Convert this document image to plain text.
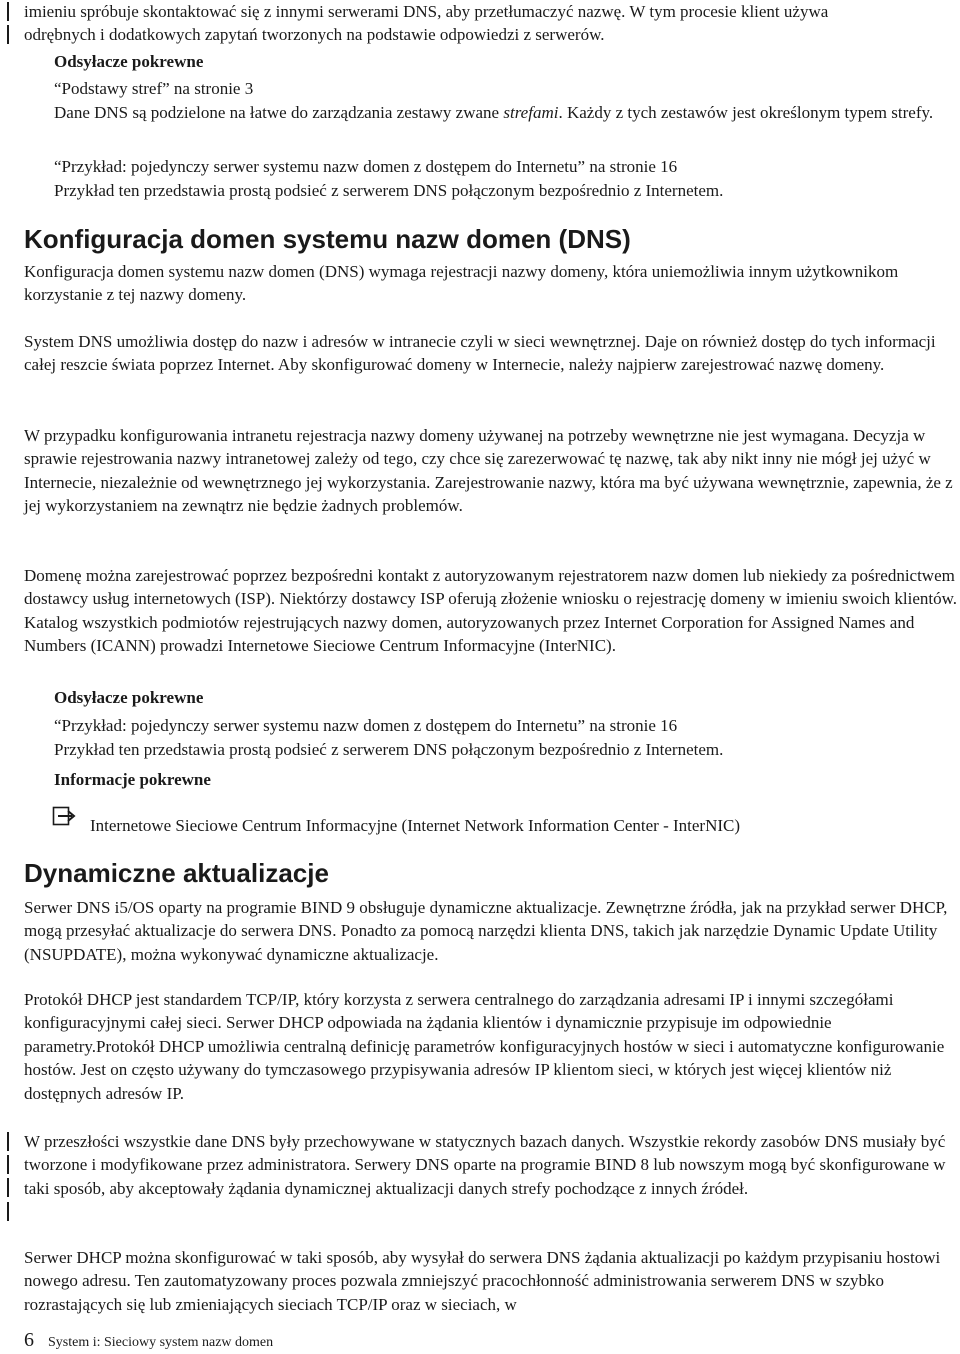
imieniu spróbuje skontaktować się z innymi serwerami DNS, aby przetłumaczyć nazwę. W tym procesie klient używa

odrębnych i dodatkowych zapytań tworzonych na podstawie odpowiedzi z serwerów.

Odsyłacze pokrewne

“Podstawy stref” na stronie 3

Dane DNS są podzielone na łatwe do zarządzania zestawy zwane strefami. Każdy z tych zestawów jest określonym typem strefy.

“Przykład: pojedynczy serwer systemu nazw domen z dostępem do Internetu” na stronie 16

Przykład ten przedstawia prostą podsieć z serwerem DNS połączonym bezpośrednio z Internetem.

Konfiguracja domen systemu nazw domen (DNS)

Konfiguracja domen systemu nazw domen (DNS) wymaga rejestracji nazwy domeny, która uniemożliwia innym użytkownikom korzystanie z tej nazwy domeny.

System DNS umożliwia dostęp do nazw i adresów w intranecie czyli w sieci wewnętrznej. Daje on również dostęp do tych informacji całej reszcie świata poprzez Internet. Aby skonfigurować domeny w Internecie, należy najpierw zarejestrować nazwę domeny.

W przypadku konfigurowania intranetu rejestracja nazwy domeny używanej na potrzeby wewnętrzne nie jest wymagana. Decyzja w sprawie rejestrowania nazwy intranetowej zależy od tego, czy chce się zarezerwować tę nazwę, tak aby nikt inny nie mógł jej użyć w Internecie, niezależnie od wewnętrznego jej wykorzystania. Zarejestrowanie nazwy, która ma być używana wewnętrznie, zapewnia, że z jej wykorzystaniem na zewnątrz nie będzie żadnych problemów.

Domenę można zarejestrować poprzez bezpośredni kontakt z autoryzowanym rejestratorem nazw domen lub niekiedy za pośrednictwem dostawcy usług internetowych (ISP). Niektórzy dostawcy ISP oferują złożenie wniosku o rejestrację domeny w imieniu swoich klientów. Katalog wszystkich podmiotów rejestrujących nazwy domen, autoryzowanych przez Internet Corporation for Assigned Names and Numbers (ICANN) prowadzi Internetowe Sieciowe Centrum Informacyjne (InterNIC).

Odsyłacze pokrewne

“Przykład: pojedynczy serwer systemu nazw domen z dostępem do Internetu” na stronie 16

Przykład ten przedstawia prostą podsieć z serwerem DNS połączonym bezpośrednio z Internetem.

Informacje pokrewne

Internetowe Sieciowe Centrum Informacyjne (Internet Network Information Center - InterNIC)

Dynamiczne aktualizacje

Serwer DNS i5/OS oparty na programie BIND 9 obsługuje dynamiczne aktualizacje. Zewnętrzne źródła, jak na przykład serwer DHCP, mogą przesyłać aktualizacje do serwera DNS. Ponadto za pomocą narzędzi klienta DNS, takich jak narzędzie Dynamic Update Utility (NSUPDATE), można wykonywać dynamiczne aktualizacje.

Protokół DHCP jest standardem TCP/IP, który korzysta z serwera centralnego do zarządzania adresami IP i innymi szczegółami konfiguracyjnymi całej sieci. Serwer DHCP odpowiada na żądania klientów i dynamicznie przypisuje im odpowiednie parametry.Protokół DHCP umożliwia centralną definicję parametrów konfiguracyjnych hostów w sieci i automatyczne konfigurowanie hostów. Jest on często używany do tymczasowego przypisywania adresów IP klientom sieci, w których jest więcej klientów niż dostępnych adresów IP.

W przeszłości wszystkie dane DNS były przechowywane w statycznych bazach danych. Wszystkie rekordy zasobów DNS musiały być tworzone i modyfikowane przez administratora. Serwery DNS oparte na programie BIND 8 lub nowszym mogą być skonfigurowane w taki sposób, aby akceptowały żądania dynamicznej aktualizacji danych strefy pochodzące z innych źródeł.

Serwer DHCP można skonfigurować w taki sposób, aby wysyłał do serwera DNS żądania aktualizacji po każdym przypisaniu hostowi nowego adresu. Ten zautomatyzowany proces pozwala zmniejszyć pracochłonność administrowania serwerem DNS w szybko rozrastających się lub zmieniających sieciach TCP/IP oraz w sieciach, w

6 System i: Sieciowy system nazw domen
